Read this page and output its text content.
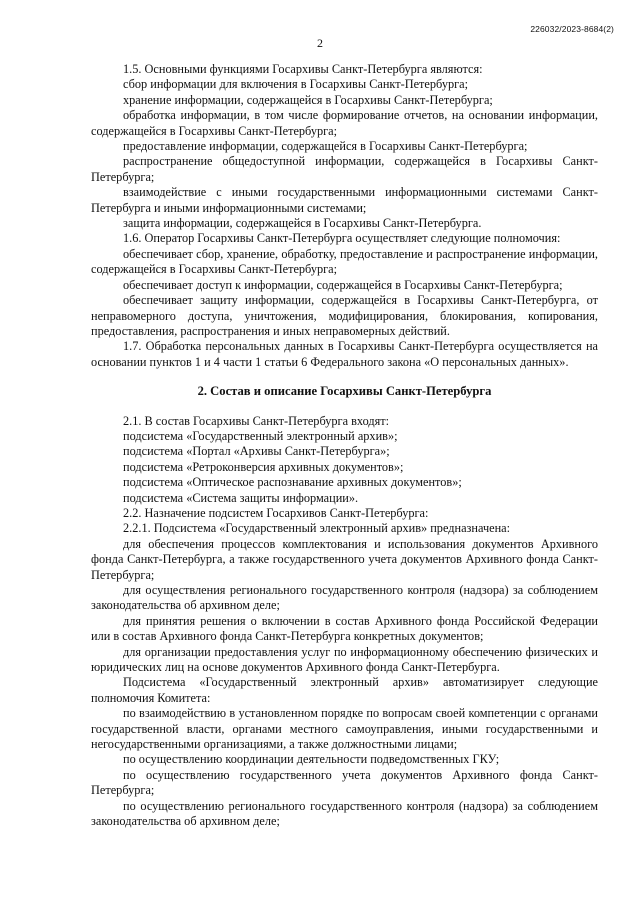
226032/2023-8684(2)
2

1.5. Основными функциями Госархивы Санкт-Петербурга являются:

сбор информации для включения в Госархивы Санкт-Петербурга;

хранение информации, содержащейся в Госархивы Санкт-Петербурга;

обработка информации, в том числе формирование отчетов, на основании информации, содержащейся в Госархивы Санкт-Петербурга;

предоставление информации, содержащейся в Госархивы Санкт-Петербурга;

распространение общедоступной информации, содержащейся в Госархивы Санкт-Петербурга;

взаимодействие с иными государственными информационными системами Санкт-Петербурга и иными информационными системами;

защита информации, содержащейся в Госархивы Санкт-Петербурга.

1.6. Оператор Госархивы Санкт-Петербурга осуществляет следующие полномочия:

обеспечивает сбор, хранение, обработку, предоставление и распространение информации, содержащейся в Госархивы Санкт-Петербурга;

обеспечивает доступ к информации, содержащейся в Госархивы Санкт-Петербурга;

обеспечивает защиту информации, содержащейся в Госархивы Санкт-Петербурга, от неправомерного доступа, уничтожения, модифицирования, блокирования, копирования, предоставления, распространения и иных неправомерных действий.

1.7. Обработка персональных данных в Госархивы Санкт-Петербурга осуществляется на основании пунктов 1 и 4 части 1 статьи 6 Федерального закона «О персональных данных».

2. Состав и описание Госархивы Санкт-Петербурга

2.1. В состав Госархивы Санкт-Петербурга входят:

подсистема «Государственный электронный архив»;

подсистема «Портал «Архивы Санкт-Петербурга»;

подсистема «Ретроконверсия архивных документов»;

подсистема «Оптическое распознавание архивных документов»;

подсистема «Система защиты информации».

2.2. Назначение подсистем Госархивов Санкт-Петербурга:

2.2.1. Подсистема «Государственный электронный архив» предназначена:

для обеспечения процессов комплектования и использования документов Архивного фонда Санкт-Петербурга, а также государственного учета документов Архивного фонда Санкт-Петербурга;

для осуществления регионального государственного контроля (надзора) за соблюдением законодательства об архивном деле;

для принятия решения о включении в состав Архивного фонда Российской Федерации или в состав Архивного фонда Санкт-Петербурга конкретных документов;

для организации предоставления услуг по информационному обеспечению физических и юридических лиц на основе документов Архивного фонда Санкт-Петербурга.

Подсистема «Государственный электронный архив» автоматизирует следующие полномочия Комитета:

по взаимодействию в установленном порядке по вопросам своей компетенции с органами государственной власти, органами местного самоуправления, иными государственными и негосударственными организациями, а также должностными лицами;

по осуществлению координации деятельности подведомственных ГКУ;

по осуществлению государственного учета документов Архивного фонда Санкт-Петербурга;

по осуществлению регионального государственного контроля (надзора) за соблюдением законодательства об архивном деле;
